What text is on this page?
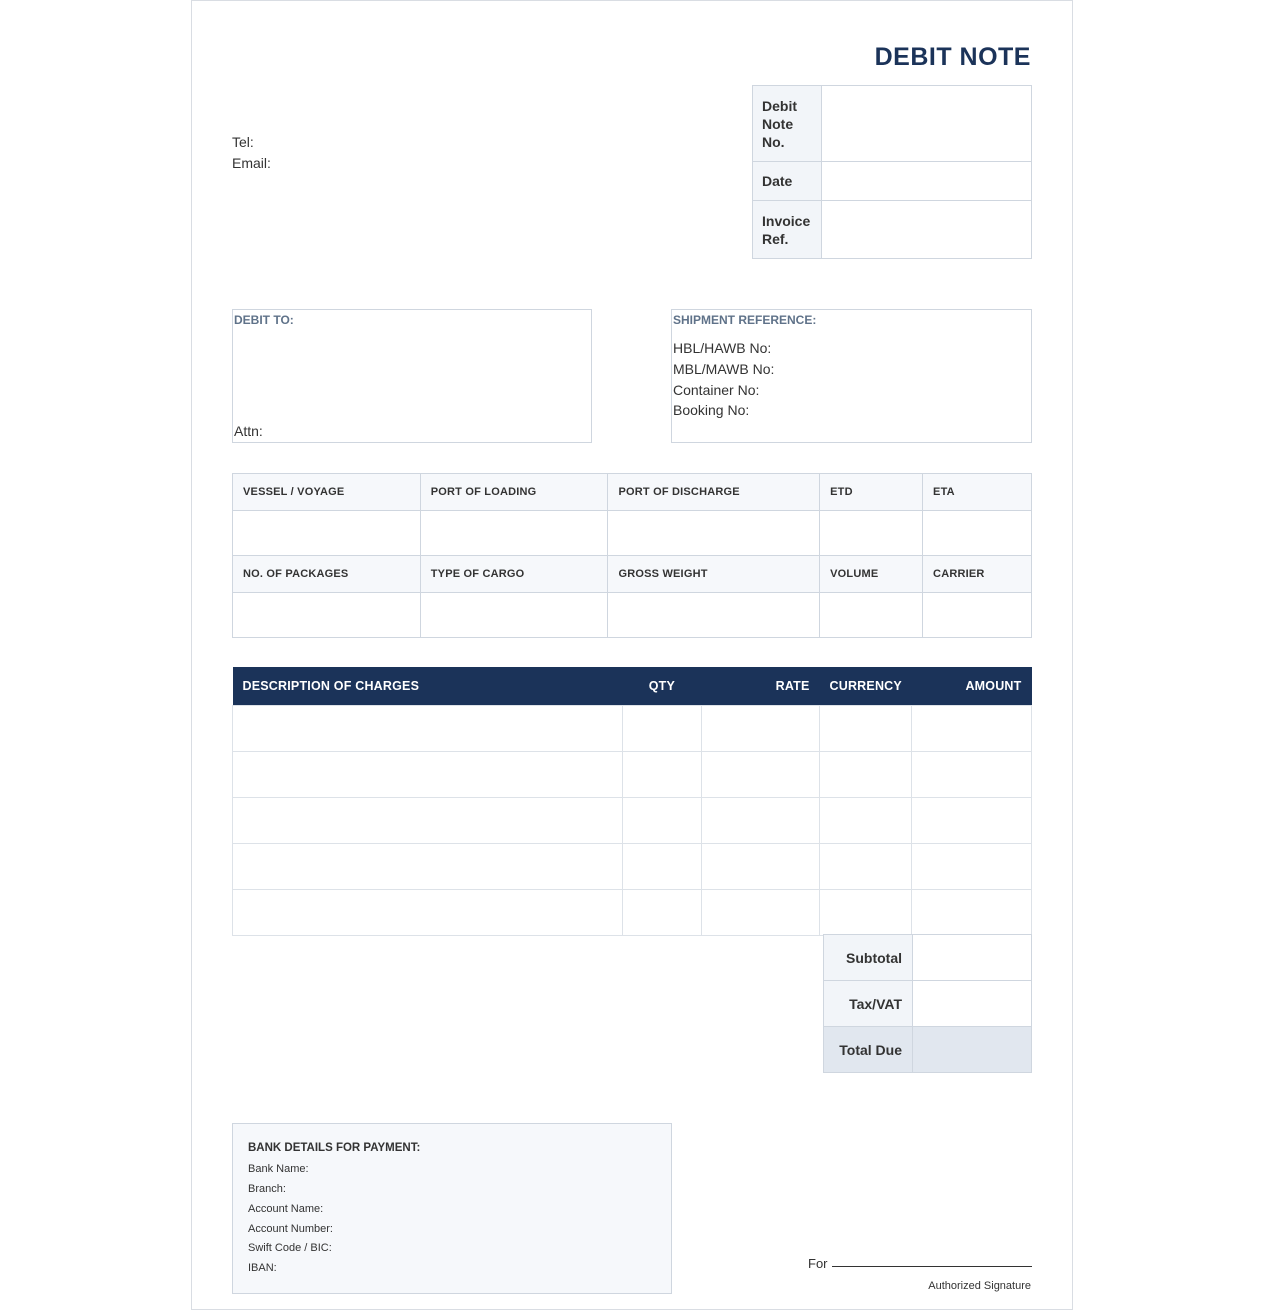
DEBIT NOTE
Tel:
Email:
Debit Note No.	
Date	
Invoice Ref.	
DEBIT TO:
Attn:
SHIPMENT REFERENCE:
HBL/HAWB No:
MBL/MAWB No:
Container No:
Booking No:
VESSEL / VOYAGE	PORT OF LOADING	PORT OF DISCHARGE	ETD	ETA

NO. OF PACKAGES	TYPE OF CARGO	GROSS WEIGHT	VOLUME	CARRIER

DESCRIPTION OF CHARGES	QTY	RATE	CURRENCY	AMOUNT

Subtotal	
Tax/VAT	
Total Due	
BANK DETAILS FOR PAYMENT:
Bank Name:
Branch:
Account Name:
Account Number:
Swift Code / BIC:
IBAN:	For
Authorized Signature
